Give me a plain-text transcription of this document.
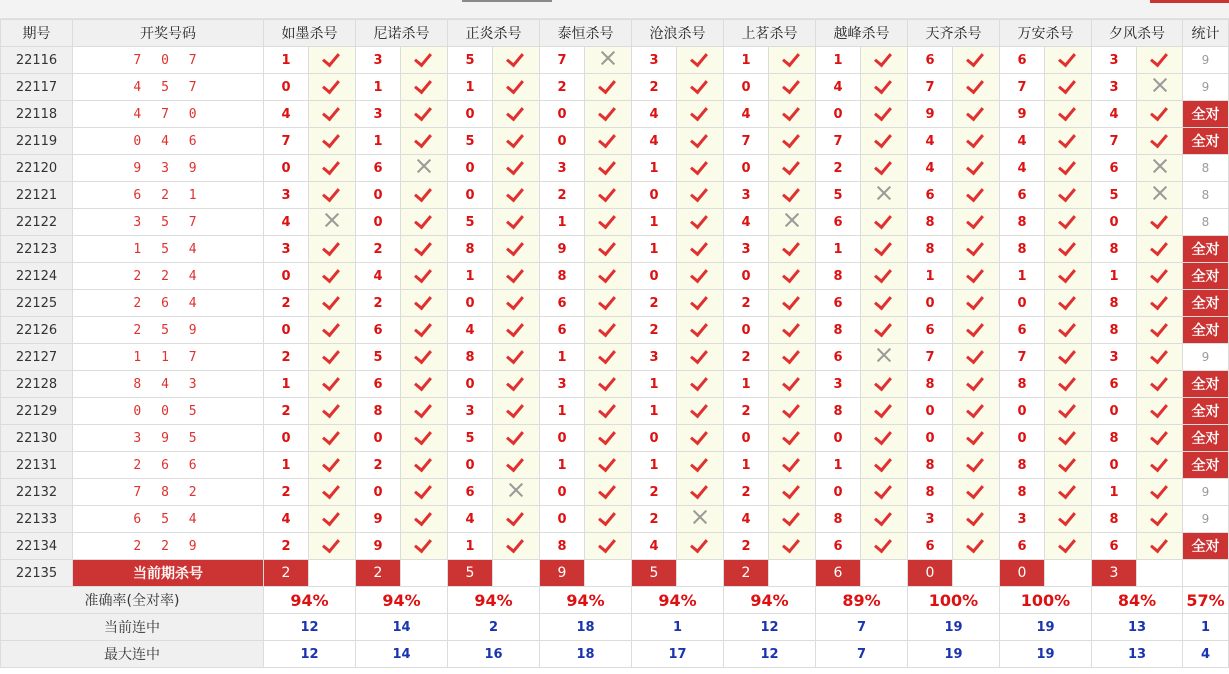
期号	开奖号码	如墨杀号		尼诺杀号		正炎杀号		泰恒杀号		沧浪杀号		上茗杀号		越峰杀号		天齐杀号		万安杀号		夕风杀号		统计
22116	7 0 7	1		3		5		7		3		1		1		6		6		3		9
22117	4 5 7	0		1		1		2		2		0		4		7		7		3		9
22118	4 7 0	4		3		0		0		4		4		0		9		9		4		全对
22119	0 4 6	7		1		5		0		4		7		7		4		4		7		全对
22120	9 3 9	0		6		0		3		1		0		2		4		4		6		8
22121	6 2 1	3		0		0		2		0		3		5		6		6		5		8
22122	3 5 7	4		0		5		1		1		4		6		8		8		0		8
22123	1 5 4	3		2		8		9		1		3		1		8		8		8		全对
22124	2 2 4	0		4		1		8		0		0		8		1		1		1		全对
22125	2 6 4	2		2		0		6		2		2		6		0		0		8		全对
22126	2 5 9	0		6		4		6		2		0		8		6		6		8		全对
22127	1 1 7	2		5		8		1		3		2		6		7		7		3		9
22128	8 4 3	1		6		0		3		1		1		3		8		8		6		全对
22129	0 0 5	2		8		3		1		1		2		8		0		0		0		全对
22130	3 9 5	0		0		5		0		0		0		0		0		0		8		全对
22131	2 6 6	1		2		0		1		1		1		1		8		8		0		全对
22132	7 8 2	2		0		6		0		2		2		0		8		8		1		9
22133	6 5 4	4		9		4		0		2		4		8		3		3		8		9
22134	2 2 9	2		9		1		8		4		2		6		6		6		6		全对
22135	当前期杀号	2		2		5		9		5		2		6		0		0		3		
准确率(全对率)		94%		94%		94%		94%		94%		94%		89%		100%		100%		84%		57%
当前连中		12		14		2		18		1		12		7		19		19		13		1
最大连中		12		14		16		18		17		12		7		19		19		13		4
